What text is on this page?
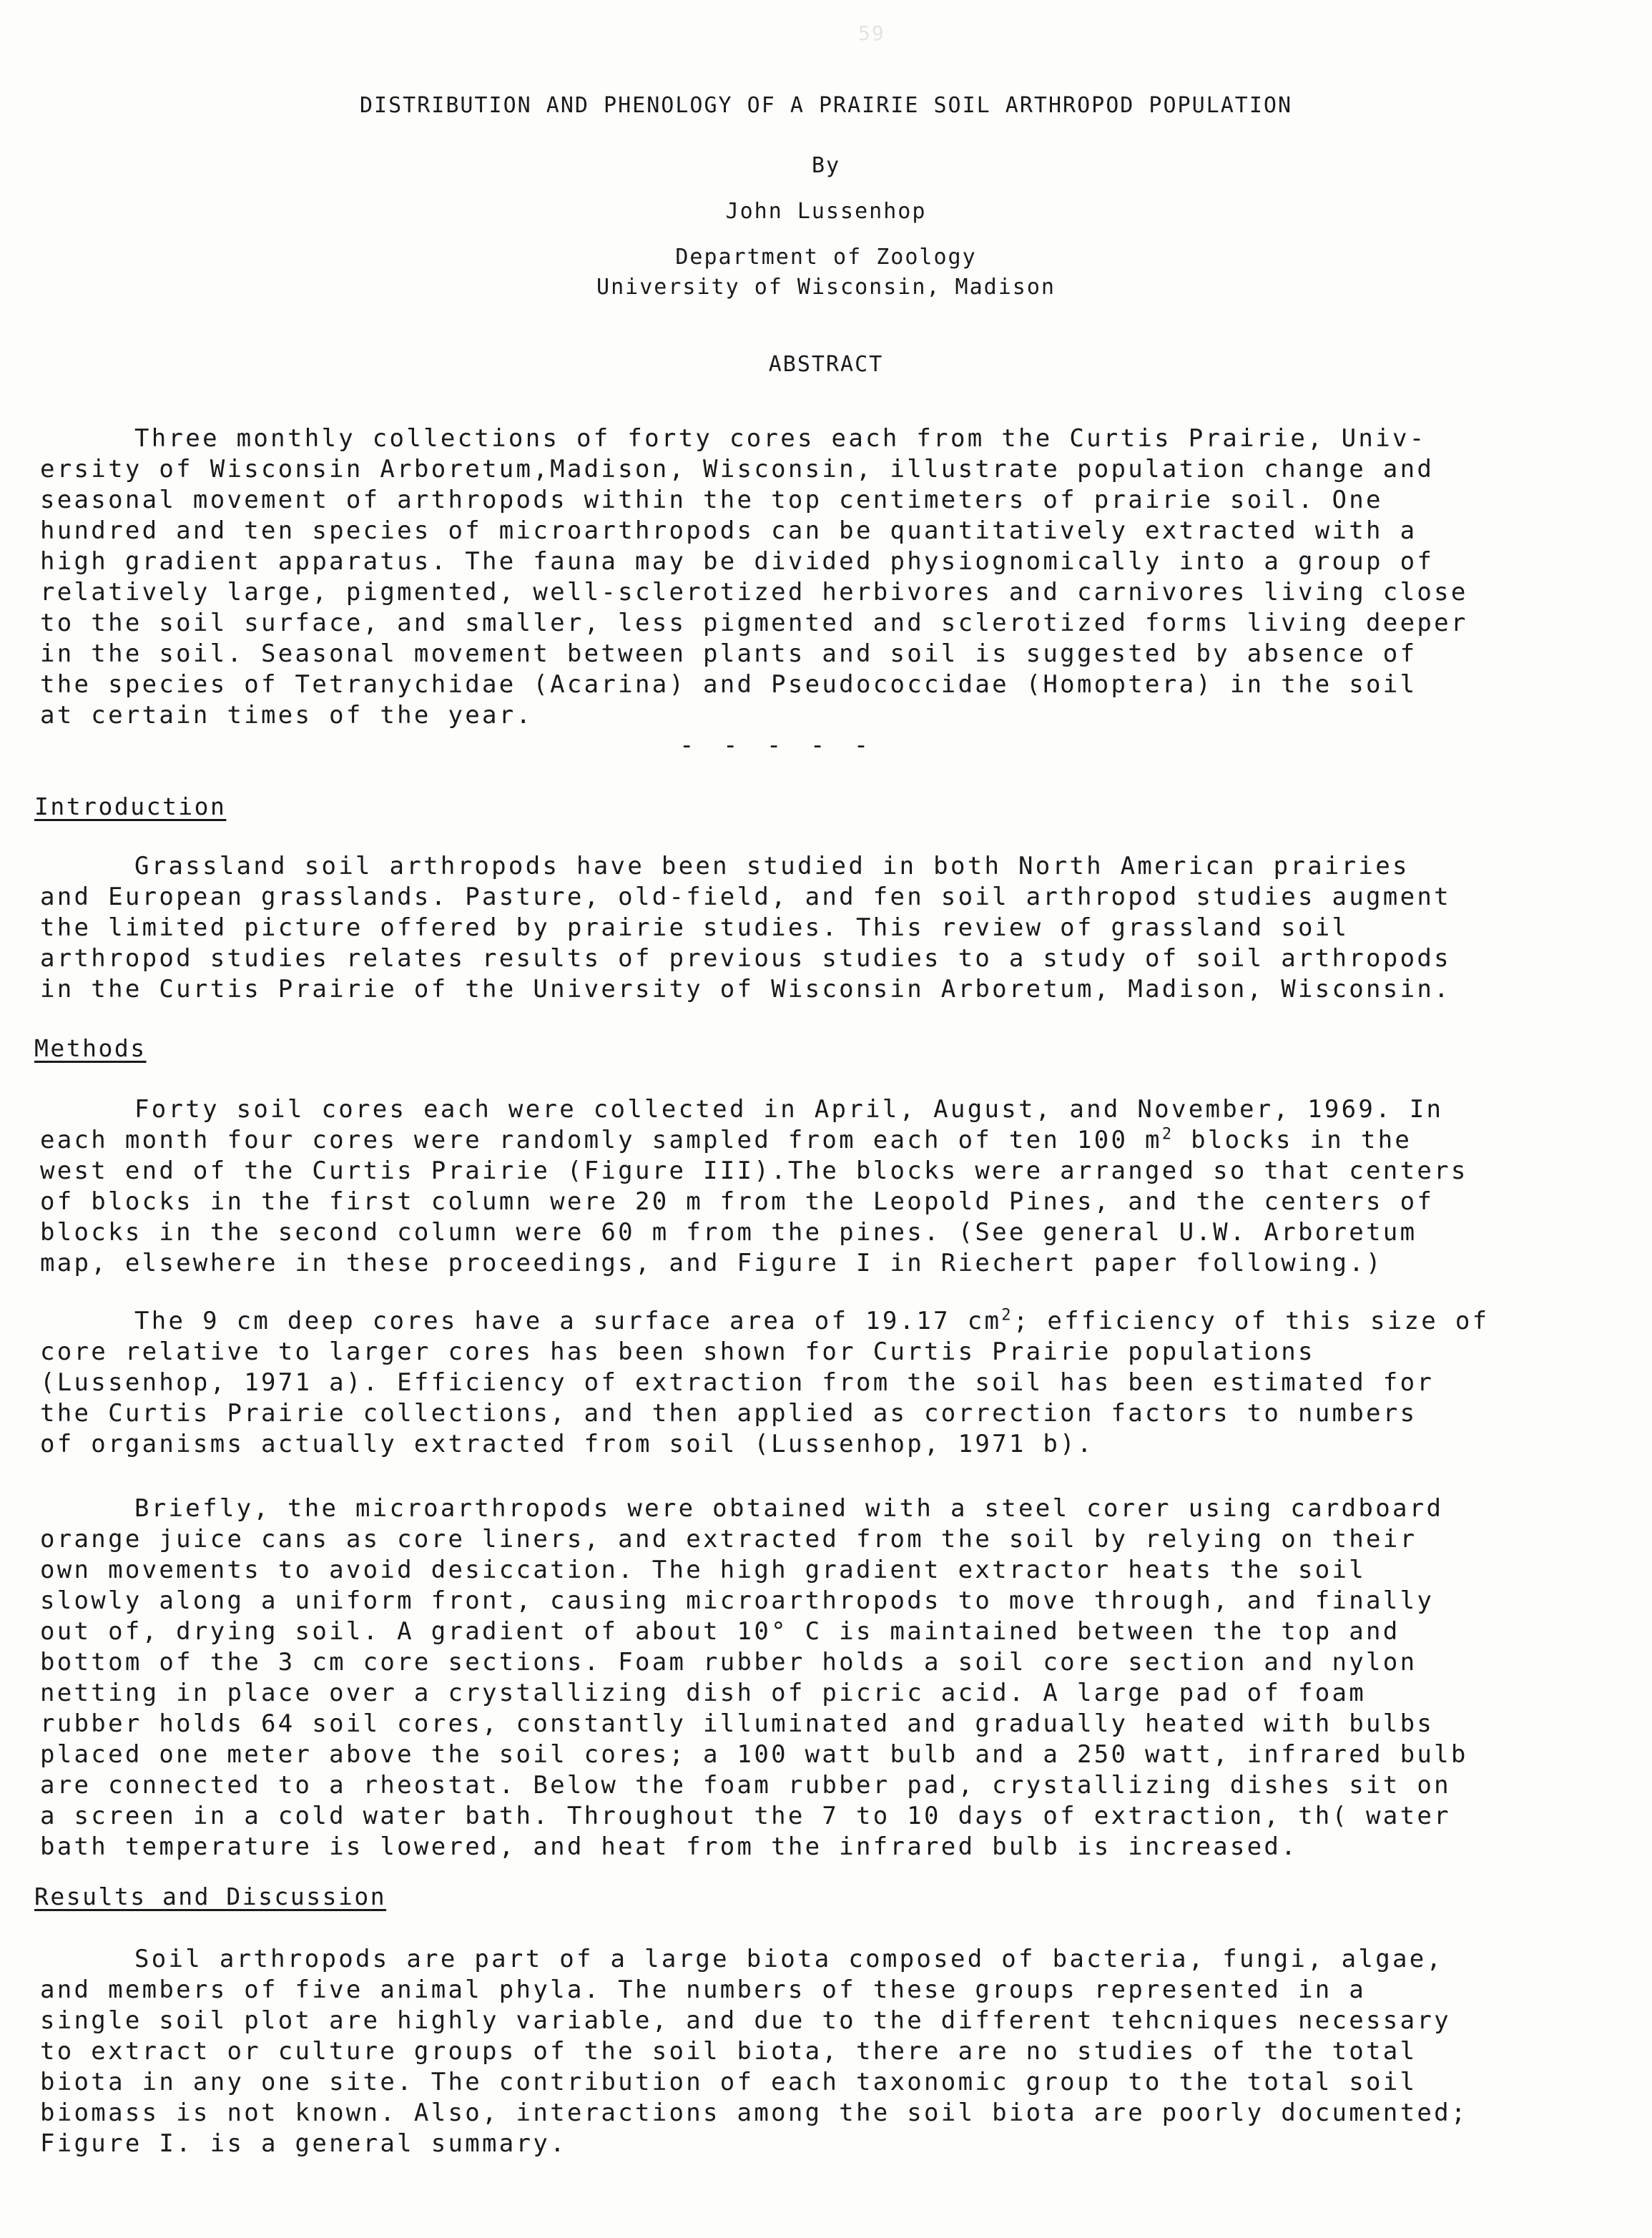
59
DISTRIBUTION AND PHENOLOGY OF A PRAIRIE SOIL ARTHROPOD POPULATION
By
John Lussenhop
Department of Zoology
University of Wisconsin, Madison
ABSTRACT
Three monthly collections of forty cores each from the Curtis Prairie, Univ-
ersity of Wisconsin Arboretum,Madison, Wisconsin, illustrate population change and
seasonal movement of arthropods within the top centimeters of prairie soil. One
hundred and ten species of microarthropods can be quantitatively extracted with a
high gradient apparatus. The fauna may be divided physiognomically into a group of
relatively large, pigmented, well-sclerotized herbivores and carnivores living close
to the soil surface, and smaller, less pigmented and sclerotized forms living deeper
in the soil. Seasonal movement between plants and soil is suggested by absence of
the species of Tetranychidae (Acarina) and Pseudococcidae (Homoptera) in the soil
at certain times of the year.
- - - - -
Introduction
Grassland soil arthropods have been studied in both North American prairies
and European grasslands. Pasture, old-field, and fen soil arthropod studies augment
the limited picture offered by prairie studies. This review of grassland soil
arthropod studies relates results of previous studies to a study of soil arthropods
in the Curtis Prairie of the University of Wisconsin Arboretum, Madison, Wisconsin.
Methods
Forty soil cores each were collected in April, August, and November, 1969. In
each month four cores were randomly sampled from each of ten 100 $m^2$ blocks in the
west end of the Curtis Prairie (Figure III).The blocks were arranged so that centers
of blocks in the first column were 20 m from the Leopold Pines, and the centers of
blocks in the second column were 60 m from the pines. (See general U.W. Arboretum
map, elsewhere in these proceedings, and Figure I in Riechert paper following.)
The 9 cm deep cores have a surface area of 19.17 $cm^2$; efficiency of this size of
core relative to larger cores has been shown for Curtis Prairie populations
(Lussenhop, 1971 a). Efficiency of extraction from the soil has been estimated for
the Curtis Prairie collections, and then applied as correction factors to numbers
of organisms actually extracted from soil (Lussenhop, 1971 b).
Briefly, the microarthropods were obtained with a steel corer using cardboard
orange juice cans as core liners, and extracted from the soil by relying on their
own movements to avoid desiccation. The high gradient extractor heats the soil
slowly along a uniform front, causing microarthropods to move through, and finally
out of, drying soil. A gradient of about 10° C is maintained between the top and
bottom of the 3 cm core sections. Foam rubber holds a soil core section and nylon
netting in place over a crystallizing dish of picric acid. A large pad of foam
rubber holds 64 soil cores, constantly illuminated and gradually heated with bulbs
placed one meter above the soil cores; a 100 watt bulb and a 250 watt, infrared bulb
are connected to a rheostat. Below the foam rubber pad, crystallizing dishes sit on
a screen in a cold water bath. Throughout the 7 to 10 days of extraction, th( water
bath temperature is lowered, and heat from the infrared bulb is increased.
Results and Discussion
Soil arthropods are part of a large biota composed of bacteria, fungi, algae,
and members of five animal phyla. The numbers of these groups represented in a
single soil plot are highly variable, and due to the different tehcniques necessary
to extract or culture groups of the soil biota, there are no studies of the total
biota in any one site. The contribution of each taxonomic group to the total soil
biomass is not known. Also, interactions among the soil biota are poorly documented;
Figure I. is a general summary.
